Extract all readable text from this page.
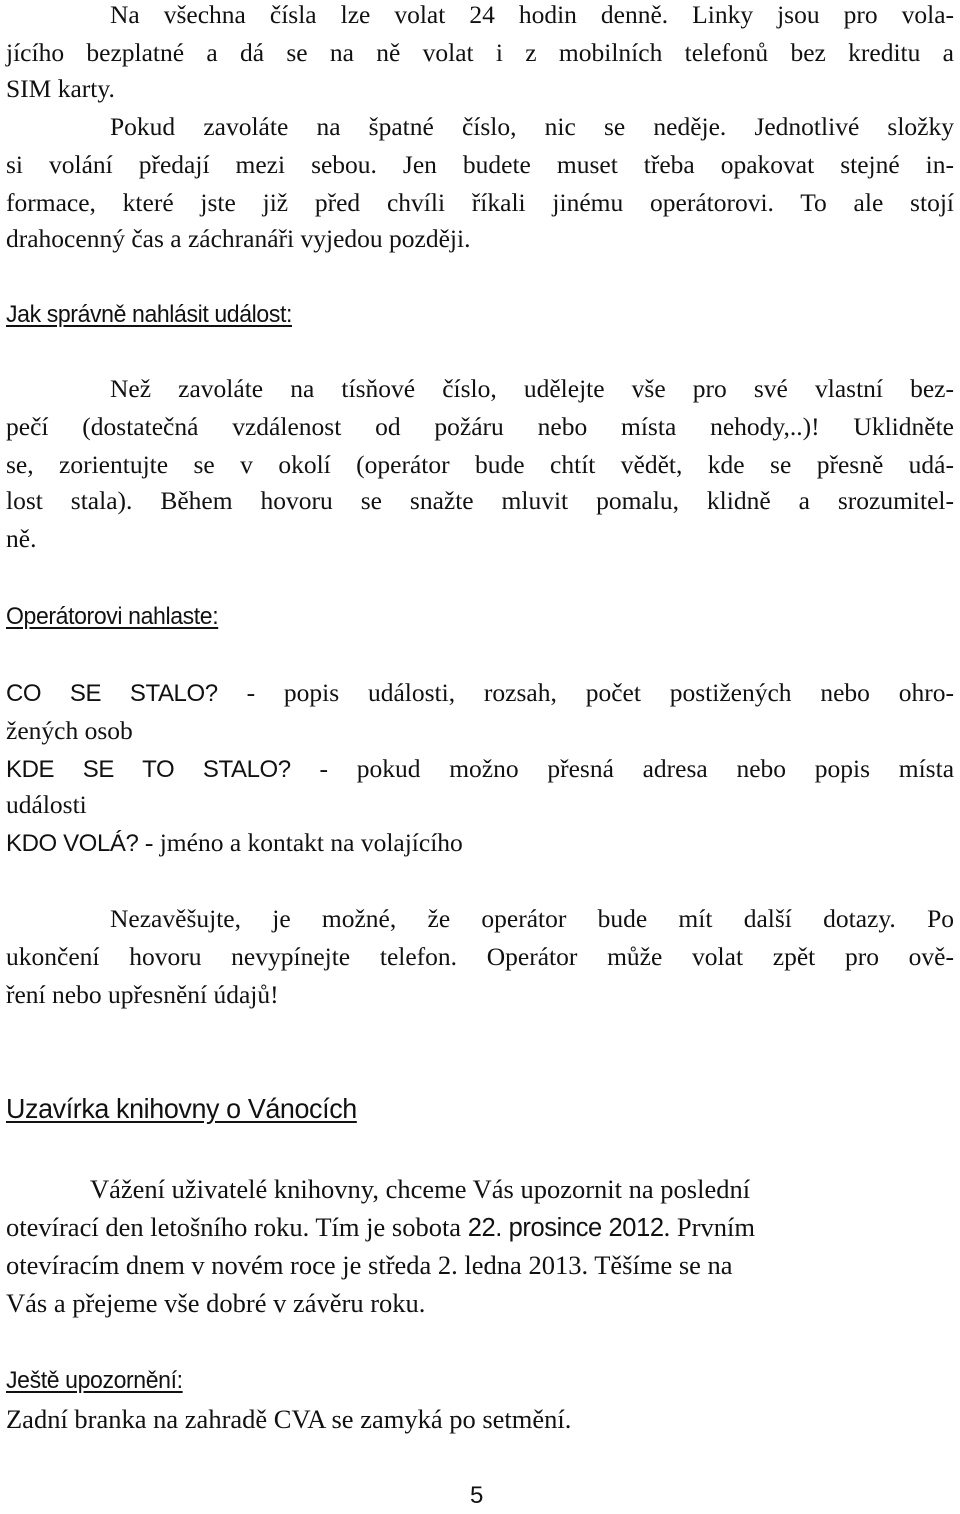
Na všechna čísla lze volat 24 hodin denně. Linky jsou pro vola-
jícího bezplatné a dá se na ně volat i z mobilních telefonů bez kreditu a
SIM karty.
Pokud zavoláte na špatné číslo, nic se neděje. Jednotlivé složky
si volání předají mezi sebou. Jen budete muset třeba opakovat stejné in-
formace, které jste již před chvíli říkali jinému operátorovi. To ale stojí
drahocenný čas a záchranáři vyjedou později.
Jak správně nahlásit událost:
Než zavoláte na tísňové číslo, udělejte vše pro své vlastní bez-
pečí (dostatečná vzdálenost od požáru nebo místa nehody,..)! Uklidněte
se, zorientujte se v okolí (operátor bude chtít vědět, kde se přesně udá-
lost stala). Během hovoru se snažte mluvit pomalu, klidně a srozumitel-
ně.
Operátorovi nahlaste:
CO SE STALO? - popis události, rozsah, počet postižených nebo ohro-
žených osob
KDE SE TO STALO? - pokud možno přesná adresa nebo popis místa
události
KDO VOLÁ? - jméno a kontakt na volajícího
Nezavěšujte, je možné, že operátor bude mít další dotazy. Po
ukončení hovoru nevypínejte telefon. Operátor může volat zpět pro ově-
ření nebo upřesnění údajů!
Uzavírka knihovny o Vánocích
Vážení uživatelé knihovny, chceme Vás upozornit na poslední
otevírací den letošního roku. Tím je sobota 22. prosince 2012. Prvním
otevíracím dnem v novém roce je středa 2. ledna 2013. Těšíme se na
Vás a přejeme vše dobré v závěru roku.
Ještě upozornění:
Zadní branka na zahradě CVA se zamyká po setmění.
5
